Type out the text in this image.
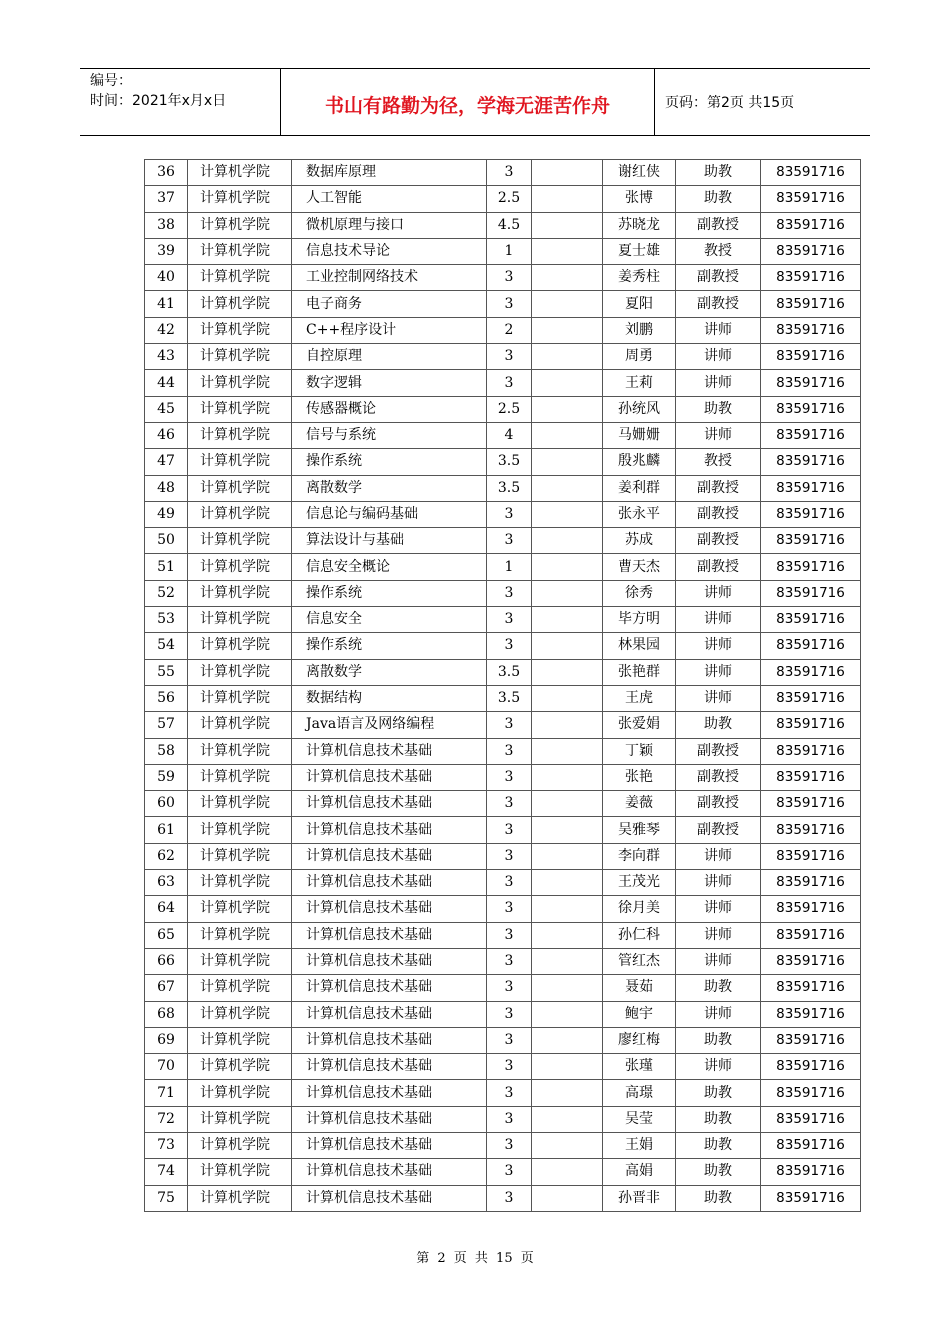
编号：
时间：2021年x月x日	书山有路勤为径，学海无涯苦作舟	页码：第2页 共15页
36	计算机学院	数据库原理	3		谢红侠	助教	83591716
37	计算机学院	人工智能	2.5		张博	助教	83591716
38	计算机学院	微机原理与接口	4.5		苏晓龙	副教授	83591716
39	计算机学院	信息技术导论	1		夏士雄	教授	83591716
40	计算机学院	工业控制网络技术	3		姜秀柱	副教授	83591716
41	计算机学院	电子商务	3		夏阳	副教授	83591716
42	计算机学院	C++程序设计	2		刘鹏	讲师	83591716
43	计算机学院	自控原理	3		周勇	讲师	83591716
44	计算机学院	数字逻辑	3		王莉	讲师	83591716
45	计算机学院	传感器概论	2.5		孙统风	助教	83591716
46	计算机学院	信号与系统	4		马姗姗	讲师	83591716
47	计算机学院	操作系统	3.5		殷兆麟	教授	83591716
48	计算机学院	离散数学	3.5		姜利群	副教授	83591716
49	计算机学院	信息论与编码基础	3		张永平	副教授	83591716
50	计算机学院	算法设计与基础	3		苏成	副教授	83591716
51	计算机学院	信息安全概论	1		曹天杰	副教授	83591716
52	计算机学院	操作系统	3		徐秀	讲师	83591716
53	计算机学院	信息安全	3		毕方明	讲师	83591716
54	计算机学院	操作系统	3		林果园	讲师	83591716
55	计算机学院	离散数学	3.5		张艳群	讲师	83591716
56	计算机学院	数据结构	3.5		王虎	讲师	83591716
57	计算机学院	Java语言及网络编程	3		张爱娟	助教	83591716
58	计算机学院	计算机信息技术基础	3		丁颖	副教授	83591716
59	计算机学院	计算机信息技术基础	3		张艳	副教授	83591716
60	计算机学院	计算机信息技术基础	3		姜薇	副教授	83591716
61	计算机学院	计算机信息技术基础	3		吴雅琴	副教授	83591716
62	计算机学院	计算机信息技术基础	3		李向群	讲师	83591716
63	计算机学院	计算机信息技术基础	3		王茂光	讲师	83591716
64	计算机学院	计算机信息技术基础	3		徐月美	讲师	83591716
65	计算机学院	计算机信息技术基础	3		孙仁科	讲师	83591716
66	计算机学院	计算机信息技术基础	3		管红杰	讲师	83591716
67	计算机学院	计算机信息技术基础	3		聂茹	助教	83591716
68	计算机学院	计算机信息技术基础	3		鲍宇	讲师	83591716
69	计算机学院	计算机信息技术基础	3		廖红梅	助教	83591716
70	计算机学院	计算机信息技术基础	3		张瑾	讲师	83591716
71	计算机学院	计算机信息技术基础	3		高璟	助教	83591716
72	计算机学院	计算机信息技术基础	3		吴莹	助教	83591716
73	计算机学院	计算机信息技术基础	3		王娟	助教	83591716
74	计算机学院	计算机信息技术基础	3		高娟	助教	83591716
75	计算机学院	计算机信息技术基础	3		孙晋非	助教	83591716
第 2 页 共 15 页
